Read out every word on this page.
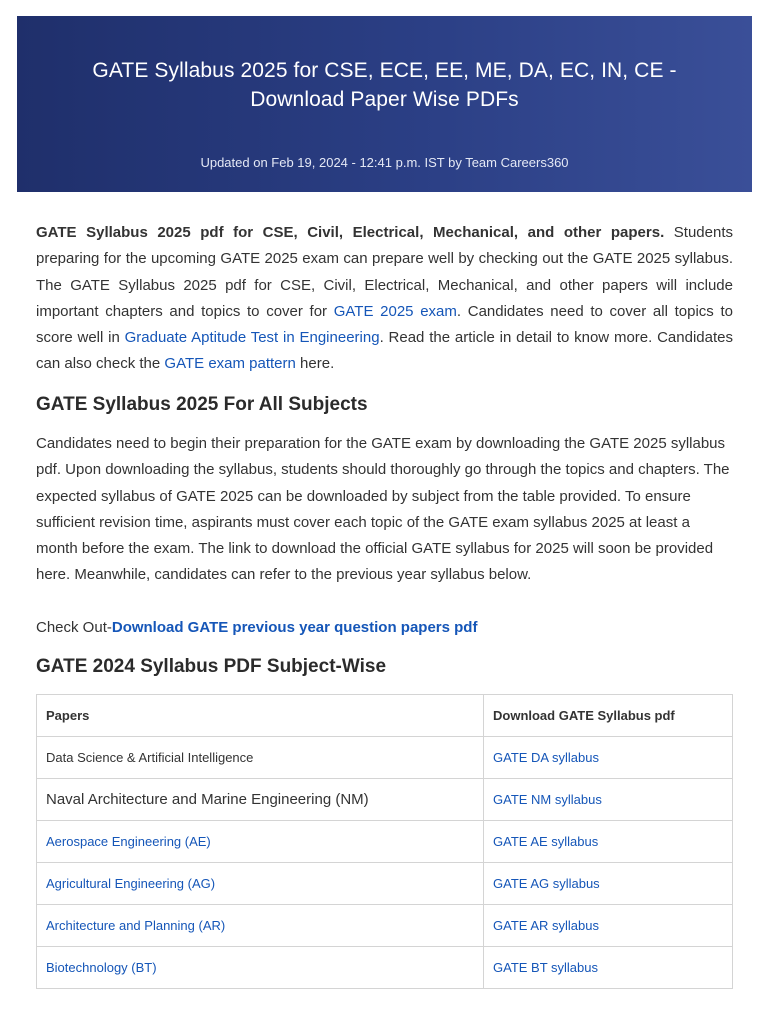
GATE Syllabus 2025 for CSE, ECE, EE, ME, DA, EC, IN, CE - Download Paper Wise PDFs
Updated on Feb 19, 2024 - 12:41 p.m. IST by Team Careers360

GATE Syllabus 2025 pdf for CSE, Civil, Electrical, Mechanical, and other papers. Students preparing for the upcoming GATE 2025 exam can prepare well by checking out the GATE 2025 syllabus. The GATE Syllabus 2025 pdf for CSE, Civil, Electrical, Mechanical, and other papers will include important chapters and topics to cover for GATE 2025 exam. Candidates need to cover all topics to score well in Graduate Aptitude Test in Engineering. Read the article in detail to know more. Candidates can also check the GATE exam pattern here.

GATE Syllabus 2025 For All Subjects

Candidates need to begin their preparation for the GATE exam by downloading the GATE 2025 syllabus pdf. Upon downloading the syllabus, students should thoroughly go through the topics and chapters. The expected syllabus of GATE 2025 can be downloaded by subject from the table provided. To ensure sufficient revision time, aspirants must cover each topic of the GATE exam syllabus 2025 at least a month before the exam. The link to download the official GATE syllabus for 2025 will soon be provided here. Meanwhile, candidates can refer to the previous year syllabus below.

Check Out-Download GATE previous year question papers pdf
GATE 2024 Syllabus PDF Subject-Wise
Papers	Download GATE Syllabus pdf
Data Science & Artificial Intelligence	GATE DA syllabus
Naval Architecture and Marine Engineering (NM)	GATE NM syllabus
Aerospace Engineering (AE)	GATE AE syllabus
Agricultural Engineering (AG)	GATE AG syllabus
Architecture and Planning (AR)	GATE AR syllabus
Biotechnology (BT)	GATE BT syllabus
